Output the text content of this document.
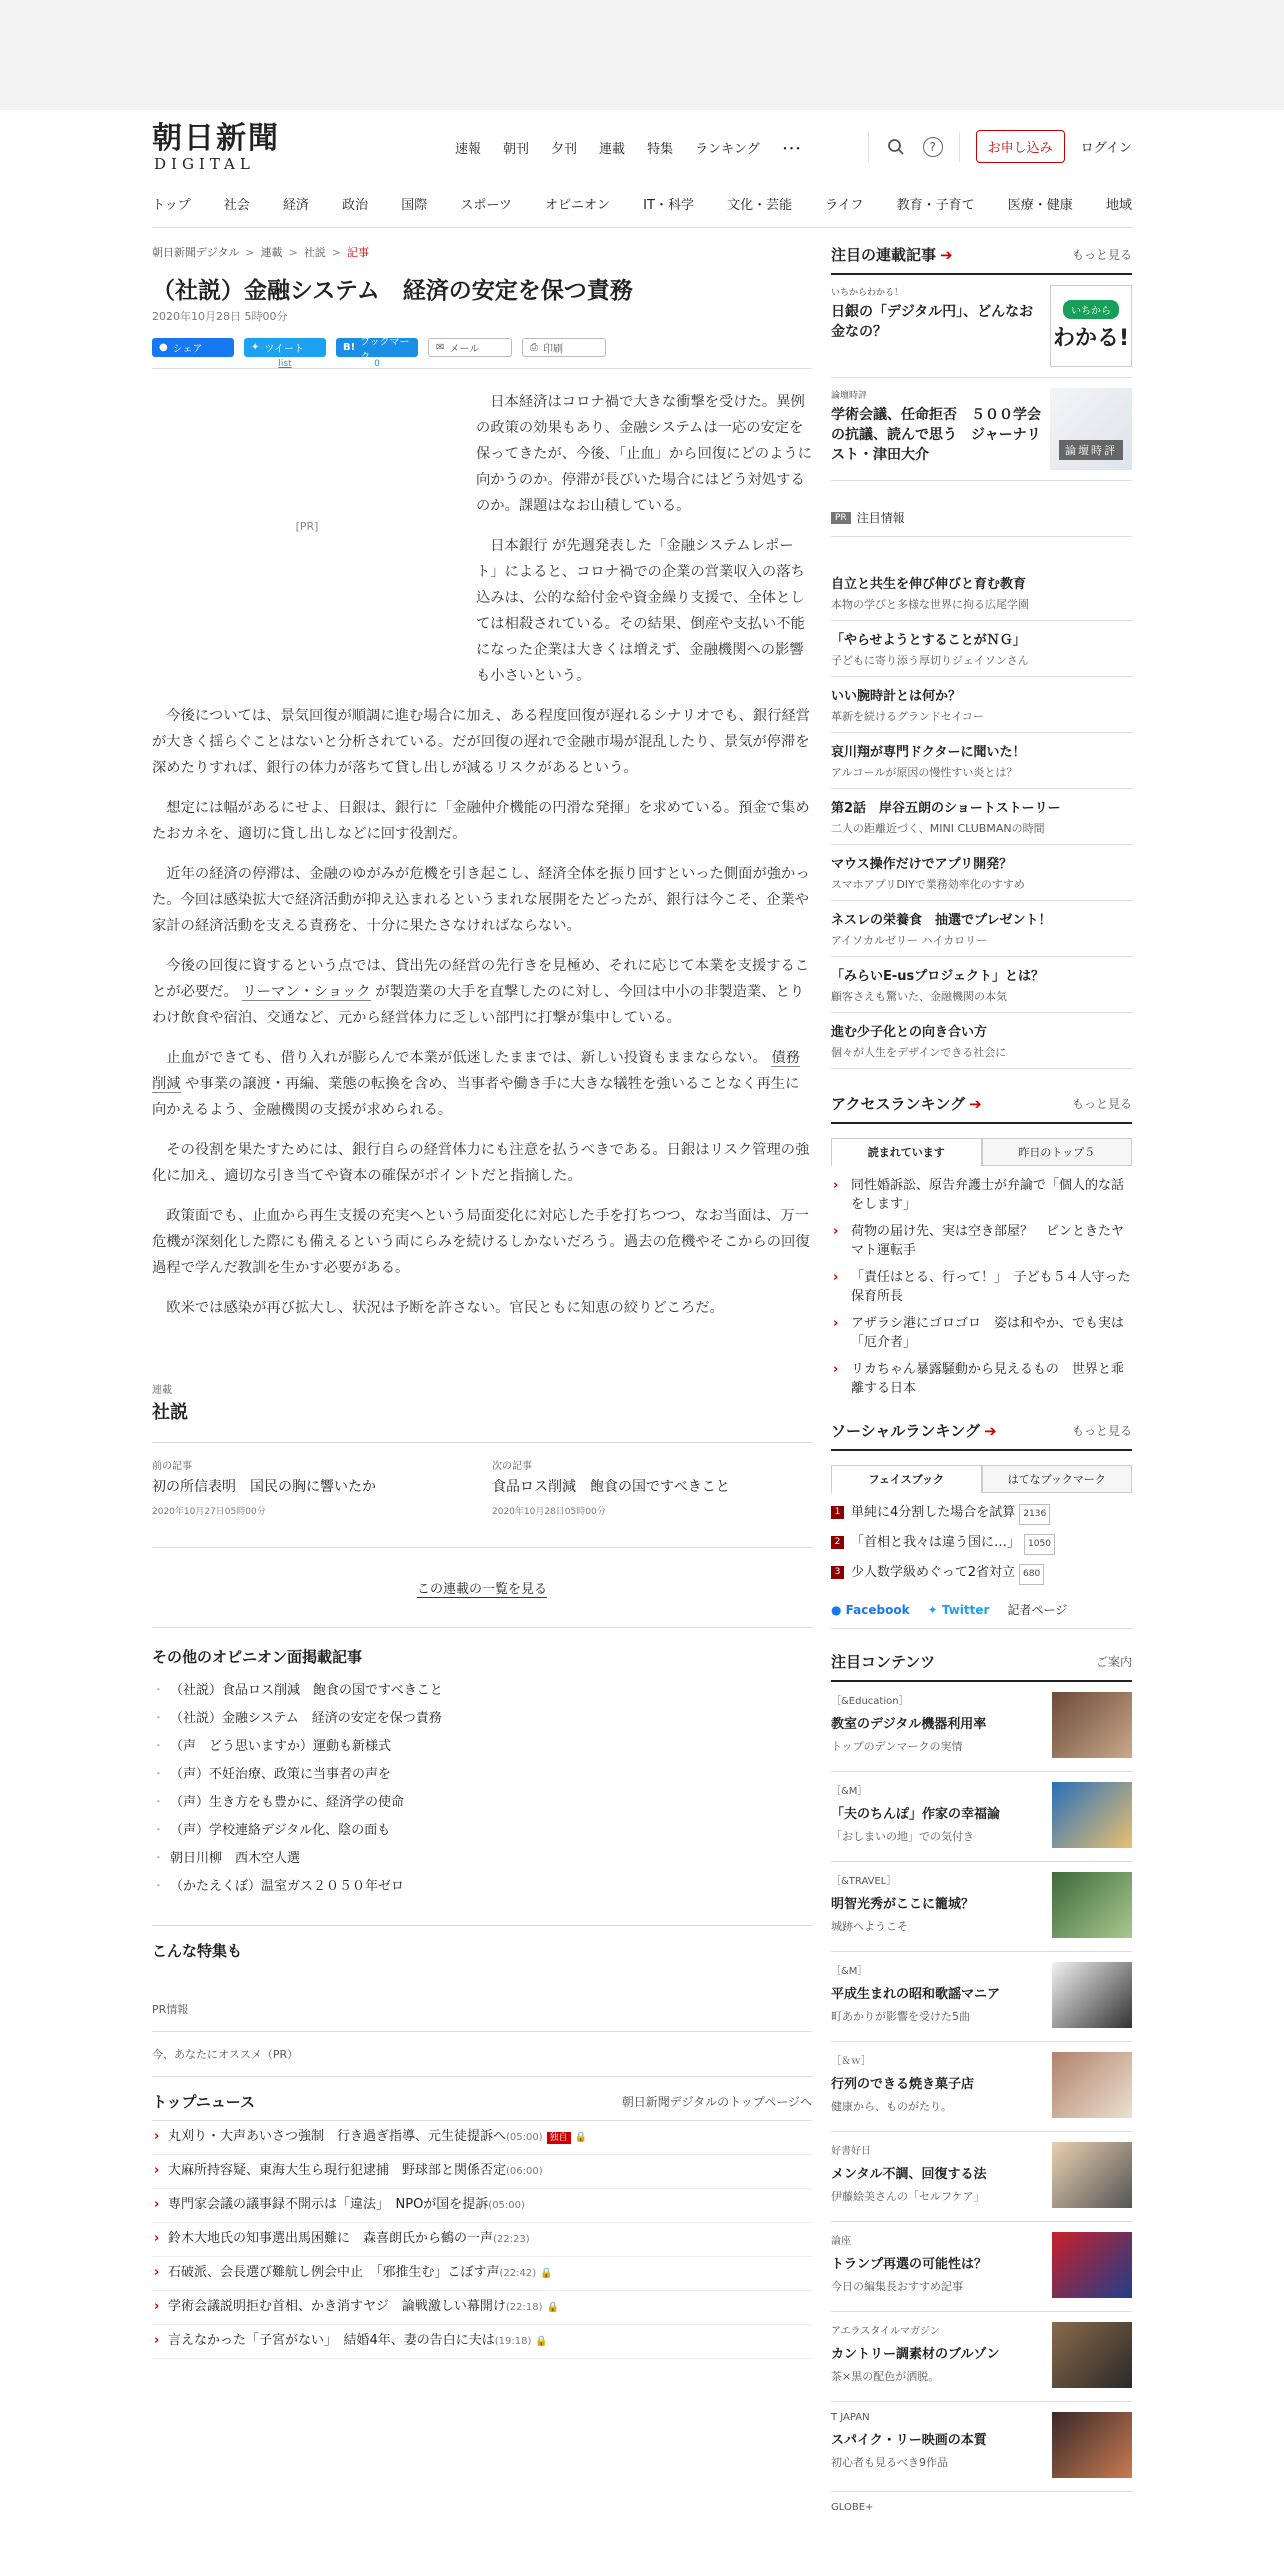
朝日新聞
DIGITAL
速報 朝刊 夕刊 連載 特集 ランキング ･･･	?	お申し込み	ログイン
トップ	社会	経済	政治	国際	スポーツ	オピニオン	IT・科学	文化・芸能	ライフ	教育・子育て	医療・健康	地域
朝日新聞デジタル > 連載 > 社説 > 記事
（社説）金融システム　経済の安定を保つ責務
2020年10月28日 5時00分
● シェア	✦ ツイート
list
B! ブックマーク
0
✉ メール	⎙ 印刷
[PR]

日本経済はコロナ禍で大きな衝撃を受けた。異例の政策の効果もあり、金融システムは一応の安定を保ってきたが、今後、「止血」から回復にどのように向かうのか。停滞が長びいた場合にはどう対処するのか。課題はなお山積している。

日本銀行 が先週発表した「金融システムレポート」によると、コロナ禍での企業の営業収入の落ち込みは、公的な給付金や資金繰り支援で、全体としては相殺されている。その結果、倒産や支払い不能になった企業は大きくは増えず、金融機関への影響も小さいという。

今後については、景気回復が順調に進む場合に加え、ある程度回復が遅れるシナリオでも、銀行経営が大きく揺らぐことはないと分析されている。だが回復の遅れで金融市場が混乱したり、景気が停滞を深めたりすれば、銀行の体力が落ちて貸し出しが減るリスクがあるという。

想定には幅があるにせよ、日銀は、銀行に「金融仲介機能の円滑な発揮」を求めている。預金で集めたおカネを、適切に貸し出しなどに回す役割だ。

近年の経済の停滞は、金融のゆがみが危機を引き起こし、経済全体を振り回すといった側面が強かった。今回は感染拡大で経済活動が抑え込まれるというまれな展開をたどったが、銀行は今こそ、企業や家計の経済活動を支える責務を、十分に果たさなければならない。

今後の回復に資するという点では、貸出先の経営の先行きを見極め、それに応じて本業を支援することが必要だ。 リーマン・ショック が製造業の大手を直撃したのに対し、今回は中小の非製造業、とりわけ飲食や宿泊、交通など、元から経営体力に乏しい部門に打撃が集中している。

止血ができても、借り入れが膨らんで本業が低迷したままでは、新しい投資もままならない。 債務削減 や事業の譲渡・再編、業態の転換を含め、当事者や働き手に大きな犠牲を強いることなく再生に向かえるよう、金融機関の支援が求められる。

その役割を果たすためには、銀行自らの経営体力にも注意を払うべきである。日銀はリスク管理の強化に加え、適切な引き当てや資本の確保がポイントだと指摘した。

政策面でも、止血から再生支援の充実へという局面変化に対応した手を打ちつつ、なお当面は、万一危機が深刻化した際にも備えるという両にらみを続けるしかないだろう。過去の危機やそこからの回復過程で学んだ教訓を生かす必要がある。

欧米では感染が再び拡大し、状況は予断を許さない。官民ともに知恵の絞りどころだ。

連載
社説
前の記事
初の所信表明　国民の胸に響いたか
2020年10月27日05時00分
次の記事
食品ロス削減　飽食の国ですべきこと
2020年10月28日05時00分
この連載の一覧を見る
その他のオピニオン面掲載記事
・ （社説）食品ロス削減　飽食の国ですべきこと
・ （社説）金融システム　経済の安定を保つ責務
・ （声　どう思いますか）運動も新様式
・ （声）不妊治療、政策に当事者の声を
・ （声）生き方をも豊かに、経済学の使命
・ （声）学校連絡デジタル化、陰の面も
・ 朝日川柳　西木空人選
・ （かたえくぼ）温室ガス２０５０年ゼロ
こんな特集も
PR情報
今、あなたにオススメ（PR）
トップニュース	朝日新聞デジタルのトップページへ
› 丸刈り・大声あいさつ強制　行き過ぎ指導、元生徒提訴へ(05:00) 独自 🔒
› 大麻所持容疑、東海大生ら現行犯逮捕　野球部と関係否定(06:00)
› 専門家会議の議事録不開示は「違法」　NPOが国を提訴(05:00)
› 鈴木大地氏の知事選出馬困難に　森喜朗氏から鶴の一声(22:23)
› 石破派、会長選び難航し例会中止　「邪推生む」こぼす声(22:42) 🔒
› 学術会議説明拒む首相、かき消すヤジ　論戦激しい幕開け(22:18) 🔒
› 言えなかった「子宮がない」　結婚4年、妻の告白に夫は(19:18) 🔒
注目の連載記事 ➔	もっと見る
いちからわかる！
日銀の「デジタル円」、どんなお金なの？
いちから
わかる!
論壇時評
学術会議、任命拒否　５００学会の抗議、読んで思う　ジャーナリスト・津田大介	論壇時評
PR 注目情報
自立と共生を伸び伸びと育む教育
本物の学びと多様な世界に拘る広尾学園
「やらせようとすることがＮＧ」
子どもに寄り添う厚切りジェイソンさん
いい腕時計とは何か？
革新を続けるグランドセイコー
哀川翔が専門ドクターに聞いた！
アルコールが原因の慢性すい炎とは？
第2話　岸谷五朗のショートストーリー
二人の距離近づく、MINI CLUBMANの時間
マウス操作だけでアプリ開発？
スマホアプリDIYで業務効率化のすすめ
ネスレの栄養食　抽選でプレゼント！
アイソカルゼリー ハイカロリー
「みらいE-usプロジェクト」とは？
顧客さえも驚いた、金融機関の本気
進む少子化との向き合い方
個々が人生をデザインできる社会に
アクセスランキング ➔	もっと見る
読まれています	昨日のトップ５
› 同性婚訴訟、原告弁護士が弁論で「個人的な話をします」
› 荷物の届け先、実は空き部屋？　ピンときたヤマト運転手
› 「責任はとる、行って！」　子ども５４人守った保育所長
› アザラシ港にゴロゴロ　姿は和やか、でも実は「厄介者」
› リカちゃん暴露騒動から見えるもの　世界と乖離する日本
ソーシャルランキング ➔	もっと見る
フェイスブック	はてなブックマーク
1 単純に4分割した場合を試算 2136
2 「首相と我々は違う国に…」 1050
3 少人数学級めぐって2省対立 680
● Facebook ✦ Twitter 記者ページ
注目コンテンツ	ご案内
［&Education］
教室のデジタル機器利用率
トップのデンマークの実情
［&M］
「夫のちんぽ」作家の幸福論
「おしまいの地」での気付き
［&TRAVEL］
明智光秀がここに籠城？
城跡へようこそ
［&M］
平成生まれの昭和歌謡マニア
町あかりが影響を受けた5曲
［＆ｗ］
行列のできる焼き菓子店
健康から、ものがたり。
好書好日
メンタル不調、回復する法
伊藤絵美さんの「セルフケア」
論座
トランプ再選の可能性は？
今日の編集長おすすめ記事
アエラスタイルマガジン
カントリー調素材のブルゾン
茶×黒の配色が洒脱。
T JAPAN
スパイク・リー映画の本質
初心者も見るべき9作品
GLOBE+
